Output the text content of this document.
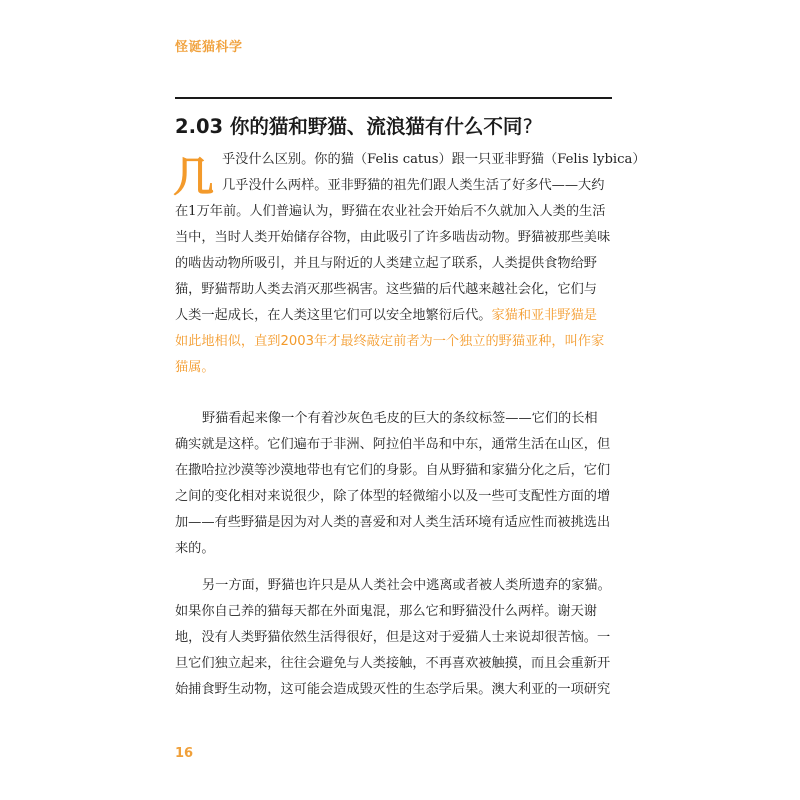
怪诞猫科学
2.03 你的猫和野猫、流浪猫有什么不同?
几 乎没什么区别。你的猫（Felis catus）跟一只亚非野猫（Felis lybica）
几乎没什么两样。亚非野猫的祖先们跟人类生活了好多代——大约
在1万年前。人们普遍认为，野猫在农业社会开始后不久就加入人类的生活
当中，当时人类开始储存谷物，由此吸引了许多啮齿动物。野猫被那些美味
的啮齿动物所吸引，并且与附近的人类建立起了联系，人类提供食物给野
猫，野猫帮助人类去消灭那些祸害。这些猫的后代越来越社会化，它们与
人类一起成长，在人类这里它们可以安全地繁衍后代。家猫和亚非野猫是
如此地相似，直到2003年才最终敲定前者为一个独立的野猫亚种，叫作家
猫属。
野猫看起来像一个有着沙灰色毛皮的巨大的条纹标签——它们的长相
确实就是这样。它们遍布于非洲、阿拉伯半岛和中东，通常生活在山区，但
在撒哈拉沙漠等沙漠地带也有它们的身影。自从野猫和家猫分化之后，它们
之间的变化相对来说很少，除了体型的轻微缩小以及一些可支配性方面的增
加——有些野猫是因为对人类的喜爱和对人类生活环境有适应性而被挑选出
来的。
另一方面，野猫也许只是从人类社会中逃离或者被人类所遗弃的家猫。
如果你自己养的猫每天都在外面鬼混，那么它和野猫没什么两样。谢天谢
地，没有人类野猫依然生活得很好，但是这对于爱猫人士来说却很苦恼。一
旦它们独立起来，往往会避免与人类接触，不再喜欢被触摸，而且会重新开
始捕食野生动物，这可能会造成毁灭性的生态学后果。澳大利亚的一项研究
16
